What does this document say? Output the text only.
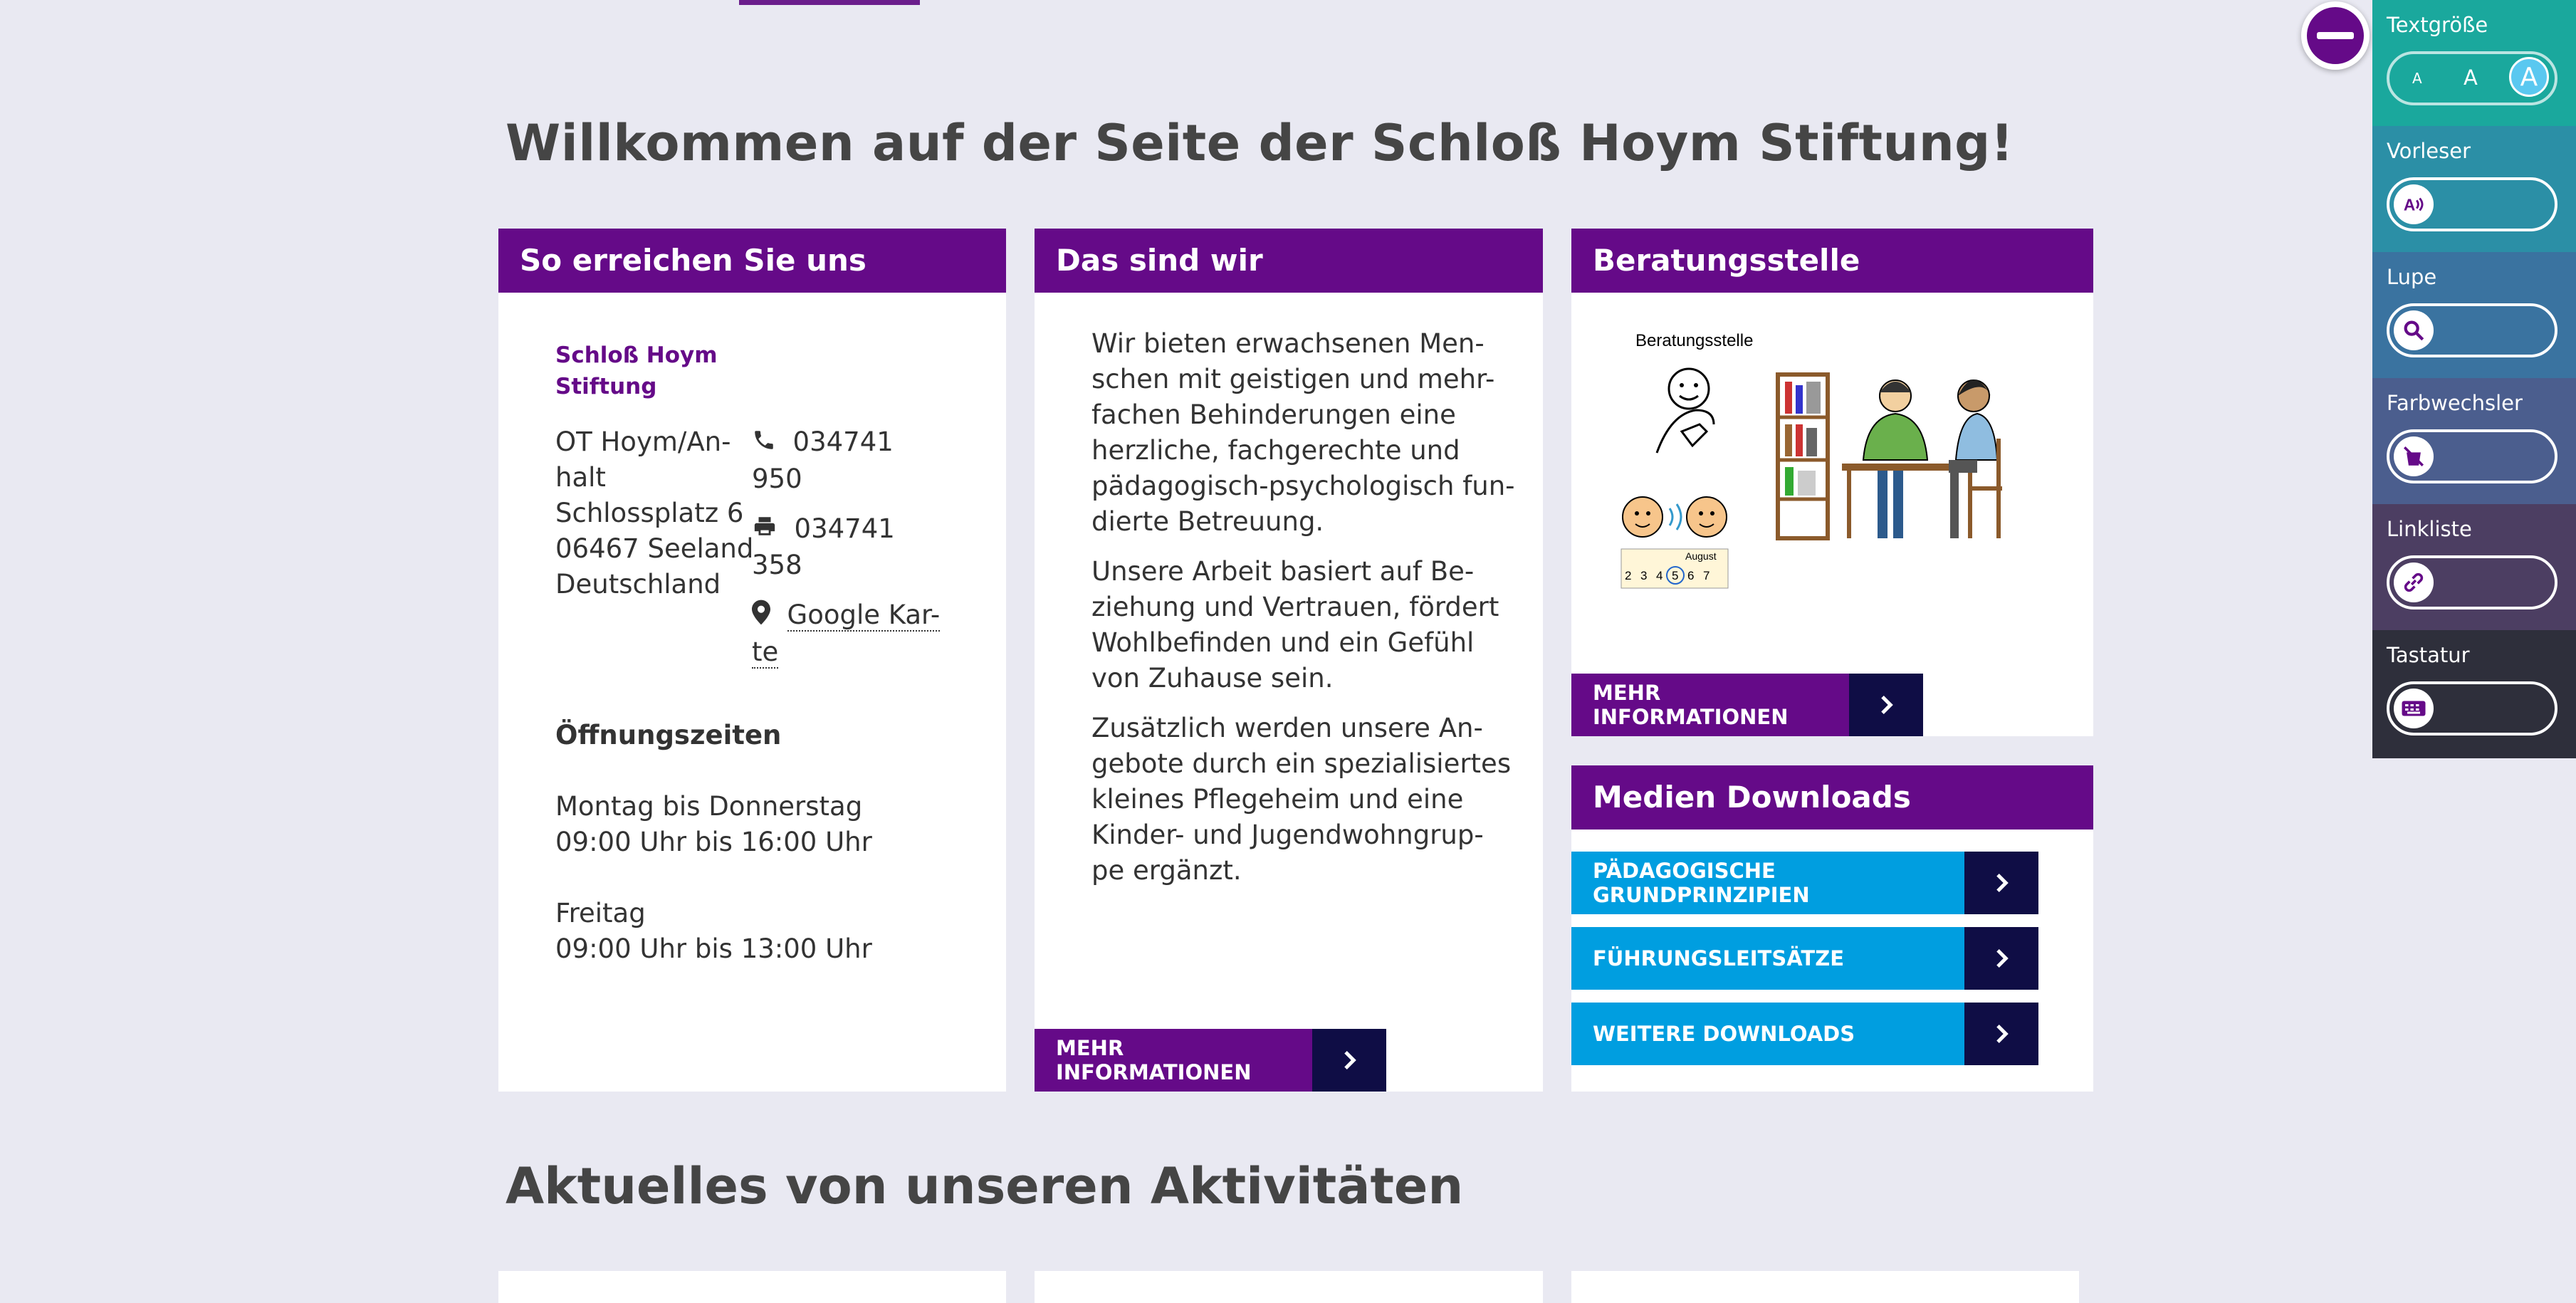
Willkommen auf der Seite der Schloß Hoym Stiftung!
So erreichen Sie uns
Schloß Hoym
Stiftung
OT Hoym/An-
halt
Schlossplatz 6
06467 Seeland
Deutschland
034741
950
034741
358
Google Kar-
te
Öffnungszeiten
Montag bis Donnerstag
09:00 Uhr bis 16:00 Uhr
Freitag
09:00 Uhr bis 13:00 Uhr
Das sind wir
Wir bieten erwachsenen Men-
schen mit geistigen und mehr-
fachen Behinderungen eine
herzliche, fachgerechte und
pädagogisch-psychologisch fun-
dierte Betreuung.
Unsere Arbeit basiert auf Be-
ziehung und Vertrauen, fördert
Wohlbefinden und ein Gefühl
von Zuhause sein.
Zusätzlich werden unsere An-
gebote durch ein spezialisiertes
kleines Pflegeheim und eine
Kinder- und Jugendwohngrup-
pe ergänzt.
MEHR INFORMATIONEN
Beratungsstelle
Beratungsstelle
August
2 3 4 5 6 7
MEHR INFORMATIONEN
Medien Downloads
PÄDAGOGISCHE GRUNDPRINZIPIEN
FÜHRUNGSLEITSÄTZE
WEITERE DOWNLOADS
Aktuelles von unseren Aktivitäten
Textgröße
A A	A
Vorleser
A
Lupe
Farbwechsler
Linkliste
Tastatur
